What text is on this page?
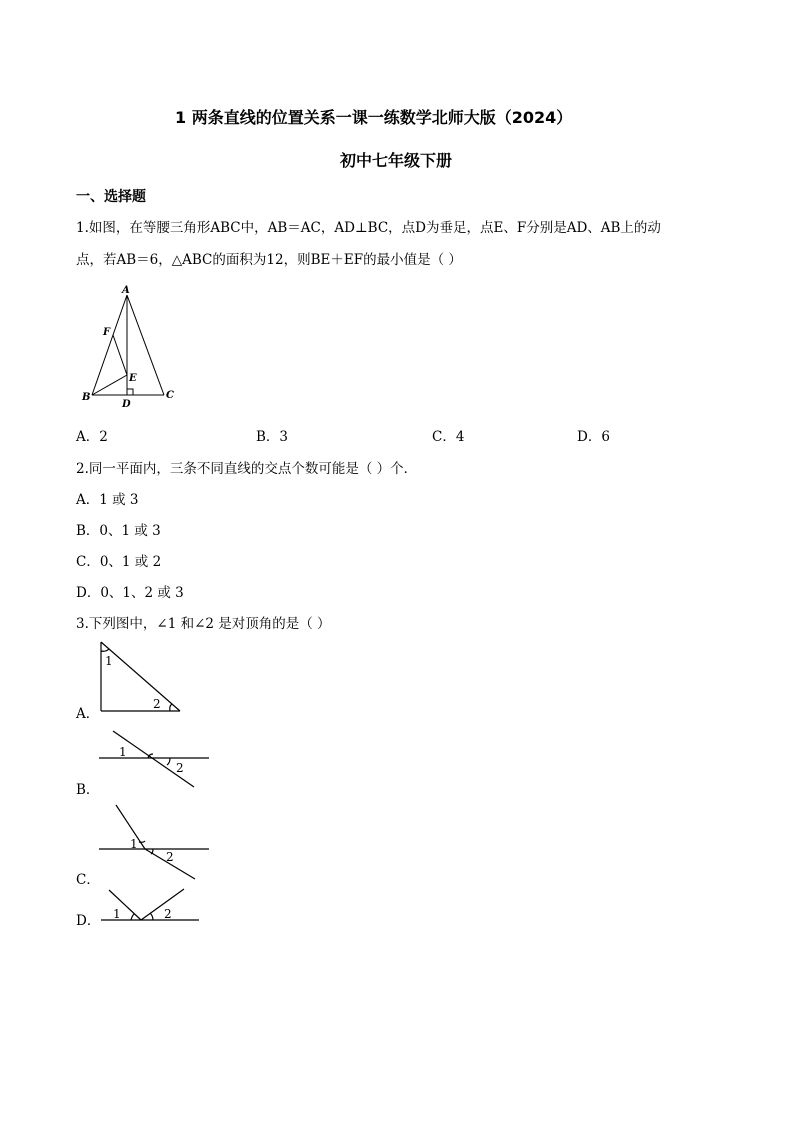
1 两条直线的位置关系一课一练数学北师大版（2024）
初中七年级下册
一、选择题
1.如图，在等腰三角形ABC中，AB＝AC，AD⊥BC，点D为垂足，点E、F分别是AD、AB上的动
点，若AB＝6，△ABC的面积为12，则BE＋EF的最小值是（ ）
A
F
E
B
D
C
A．2	B．3	C．4	D．6
2.同一平面内，三条不同直线的交点个数可能是（ ）个．
A．1 或 3
B．0、1 或 3
C．0、1 或 2
D．0、1、2 或 3
3.下列图中，∠1 和∠2 是对顶角的是（ ）
A．
1
2
B．
1
2
C．
1
2
D． 1	2
